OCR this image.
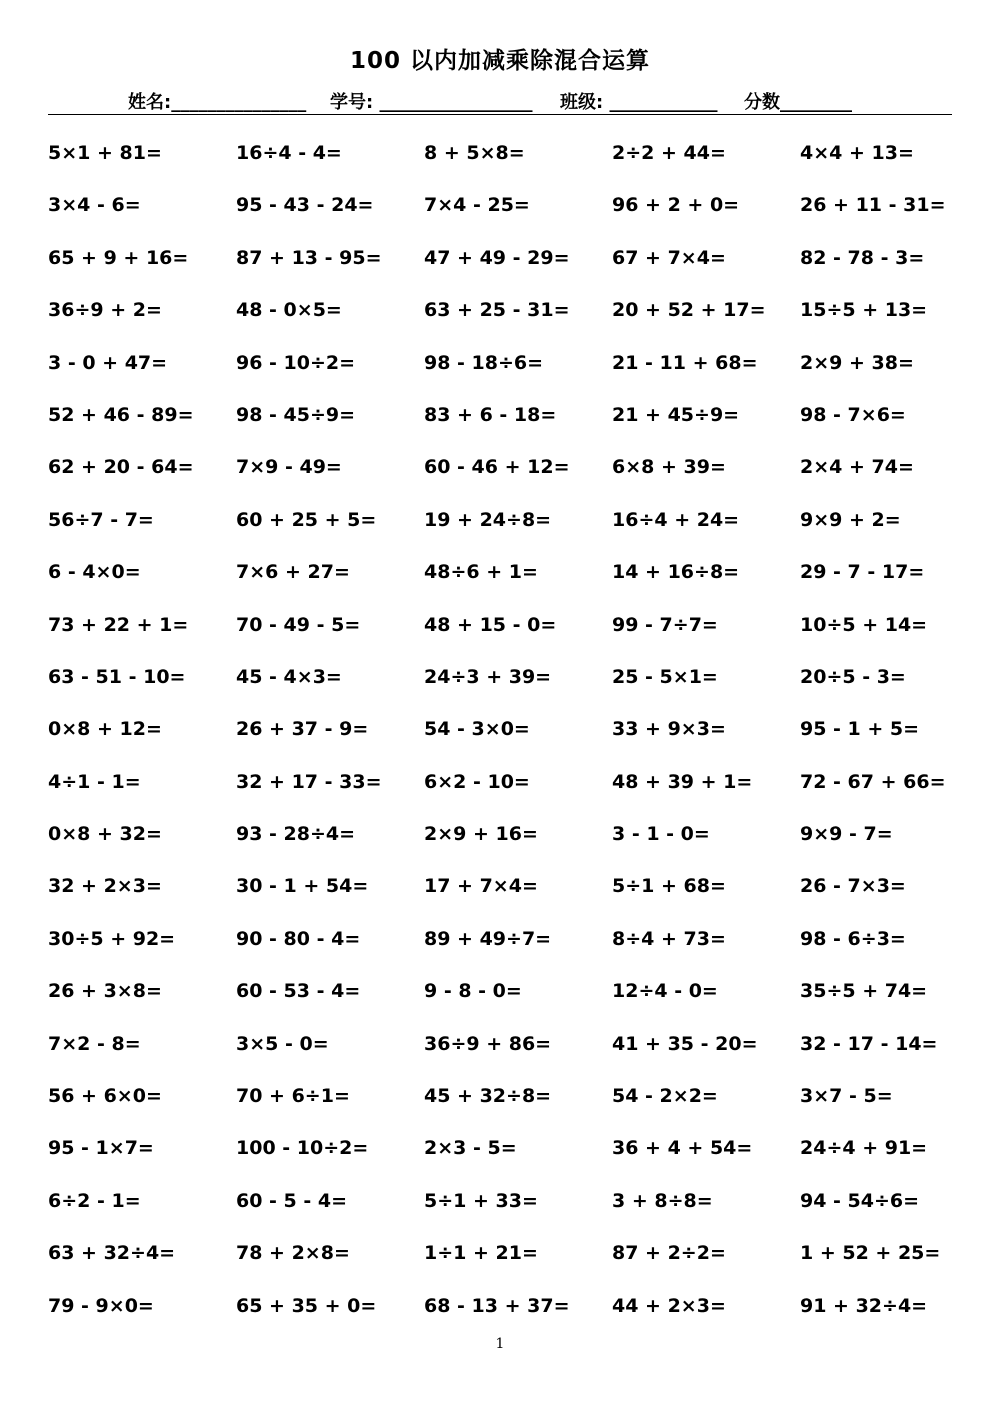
100 以内加减乘除混合运算
姓名:_______________ 学号: _________________ 班级: ____________ 分数________
5×1 + 81=	16÷4 - 4=	8 + 5×8=	2÷2 + 44=	4×4 + 13=
3×4 - 6=	95 - 43 - 24=	7×4 - 25=	96 + 2 + 0=	26 + 11 - 31=
65 + 9 + 16=	87 + 13 - 95=	47 + 49 - 29=	67 + 7×4=	82 - 78 - 3=
36÷9 + 2=	48 - 0×5=	63 + 25 - 31=	20 + 52 + 17=	15÷5 + 13=
3 - 0 + 47=	96 - 10÷2=	98 - 18÷6=	21 - 11 + 68=	2×9 + 38=
52 + 46 - 89=	98 - 45÷9=	83 + 6 - 18=	21 + 45÷9=	98 - 7×6=
62 + 20 - 64=	7×9 - 49=	60 - 46 + 12=	6×8 + 39=	2×4 + 74=
56÷7 - 7=	60 + 25 + 5=	19 + 24÷8=	16÷4 + 24=	9×9 + 2=
6 - 4×0=	7×6 + 27=	48÷6 + 1=	14 + 16÷8=	29 - 7 - 17=
73 + 22 + 1=	70 - 49 - 5=	48 + 15 - 0=	99 - 7÷7=	10÷5 + 14=
63 - 51 - 10=	45 - 4×3=	24÷3 + 39=	25 - 5×1=	20÷5 - 3=
0×8 + 12=	26 + 37 - 9=	54 - 3×0=	33 + 9×3=	95 - 1 + 5=
4÷1 - 1=	32 + 17 - 33=	6×2 - 10=	48 + 39 + 1=	72 - 67 + 66=
0×8 + 32=	93 - 28÷4=	2×9 + 16=	3 - 1 - 0=	9×9 - 7=
32 + 2×3=	30 - 1 + 54=	17 + 7×4=	5÷1 + 68=	26 - 7×3=
30÷5 + 92=	90 - 80 - 4=	89 + 49÷7=	8÷4 + 73=	98 - 6÷3=
26 + 3×8=	60 - 53 - 4=	9 - 8 - 0=	12÷4 - 0=	35÷5 + 74=
7×2 - 8=	3×5 - 0=	36÷9 + 86=	41 + 35 - 20=	32 - 17 - 14=
56 + 6×0=	70 + 6÷1=	45 + 32÷8=	54 - 2×2=	3×7 - 5=
95 - 1×7=	100 - 10÷2=	2×3 - 5=	36 + 4 + 54=	24÷4 + 91=
6÷2 - 1=	60 - 5 - 4=	5÷1 + 33=	3 + 8÷8=	94 - 54÷6=
63 + 32÷4=	78 + 2×8=	1÷1 + 21=	87 + 2÷2=	1 + 52 + 25=
79 - 9×0=	65 + 35 + 0=	68 - 13 + 37=	44 + 2×3=	91 + 32÷4=
1
